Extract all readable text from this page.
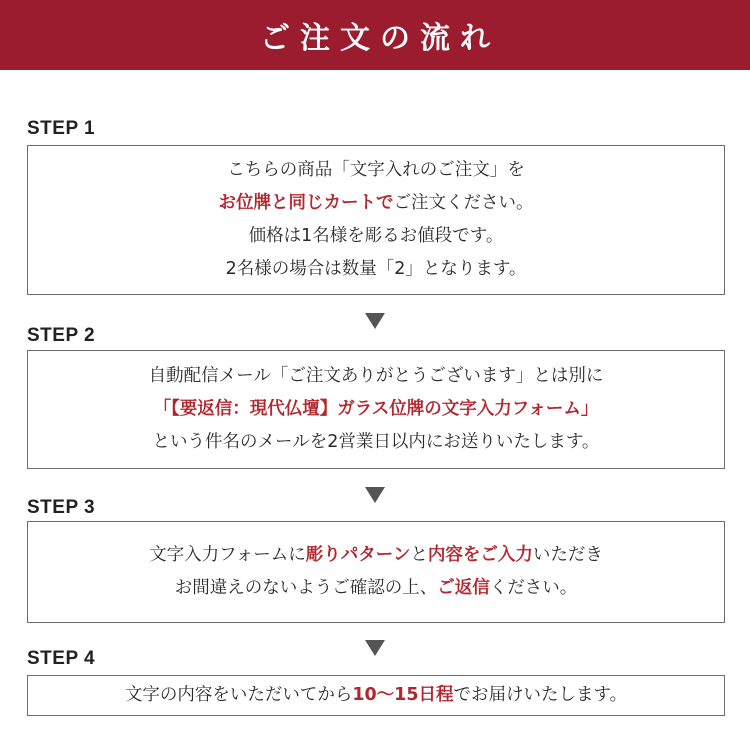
ご注文の流れ
STEP 1
こちらの商品「文字入れのご注文」を
お位牌と同じカートでご注文ください。
価格は1名様を彫るお値段です。
2名様の場合は数量「2」となります。
STEP 2
自動配信メール「ご注文ありがとうございます」とは別に
「【要返信：現代仏壇】ガラス位牌の文字入力フォーム」
という件名のメールを2営業日以内にお送りいたします。
STEP 3
文字入力フォームに彫りパターンと内容をご入力いただき
お間違えのないようご確認の上、ご返信ください。
STEP 4
文字の内容をいただいてから10〜15日程でお届けいたします。
